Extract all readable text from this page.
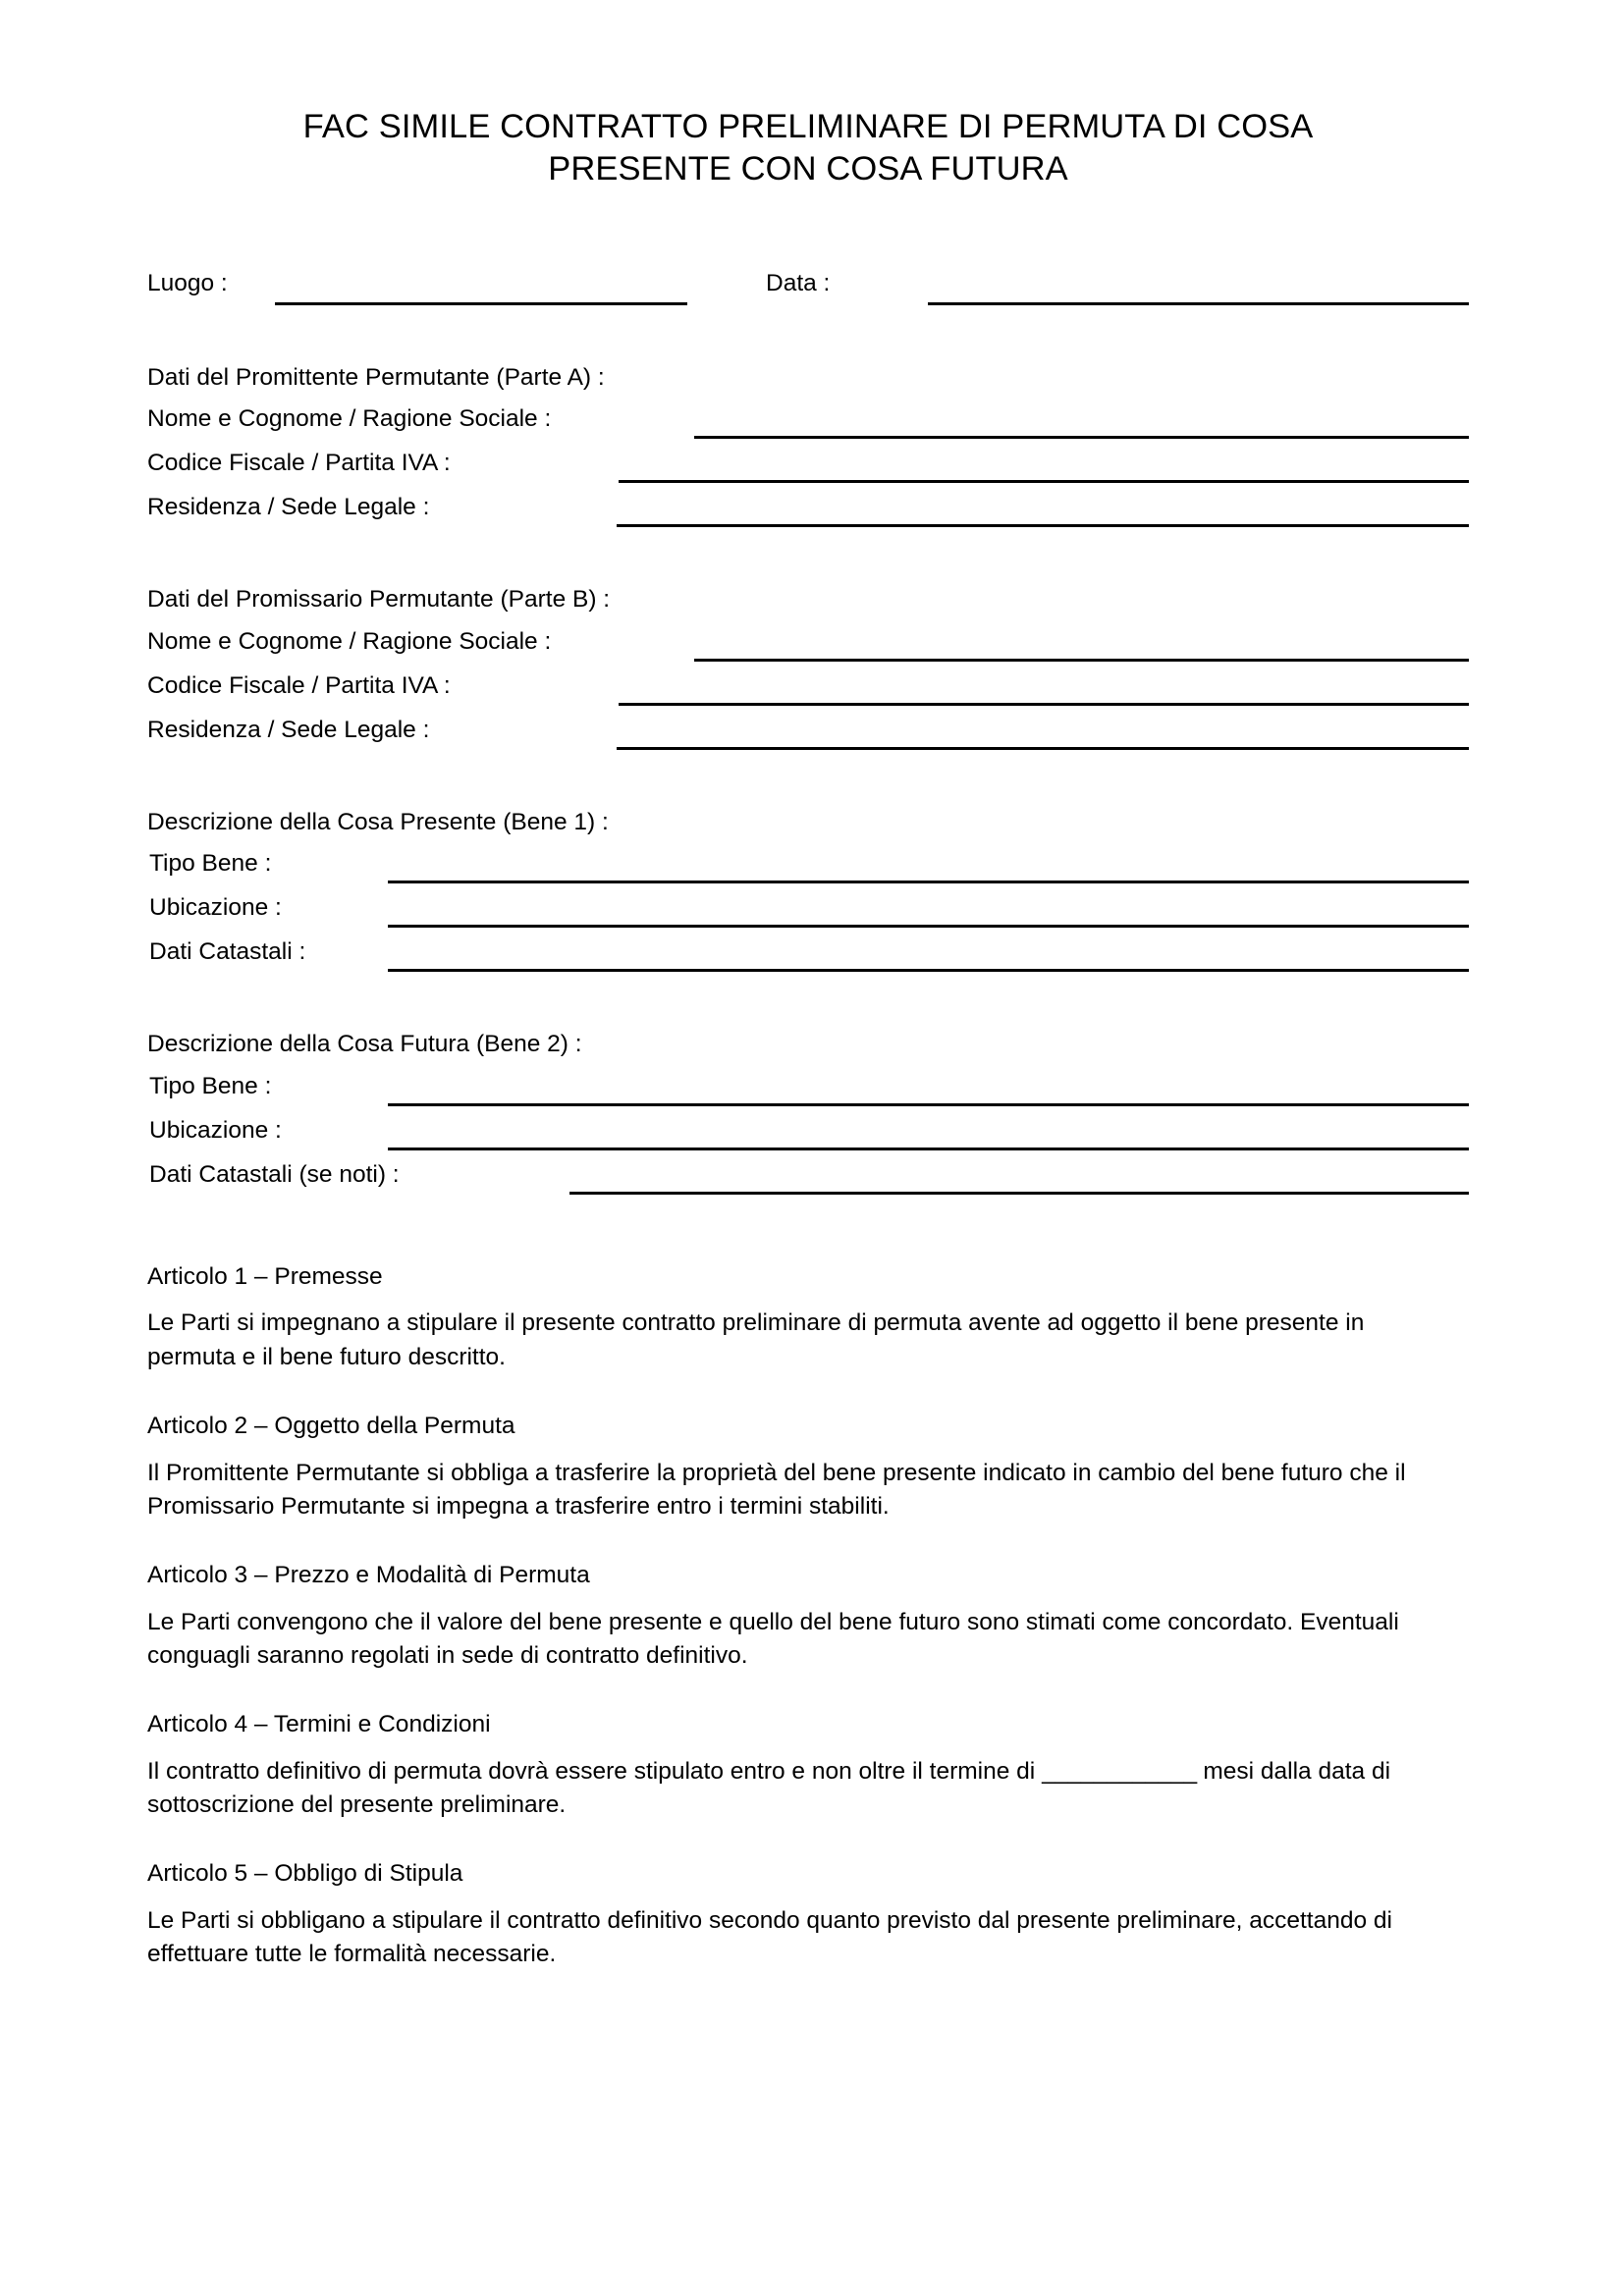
FAC SIMILE CONTRATTO PRELIMINARE DI PERMUTA DI COSA
PRESENTE CON COSA FUTURA
Luogo :	Data :

Dati del Promittente Permutante (Parte A) :

Nome e Cognome / Ragione Sociale :
Codice Fiscale / Partita IVA :
Residenza / Sede Legale :

Dati del Promissario Permutante (Parte B) :

Nome e Cognome / Ragione Sociale :
Codice Fiscale / Partita IVA :
Residenza / Sede Legale :

Descrizione della Cosa Presente (Bene 1) :

Tipo Bene :
Ubicazione :
Dati Catastali :

Descrizione della Cosa Futura (Bene 2) :

Tipo Bene :
Ubicazione :
Dati Catastali (se noti) :

Articolo 1 – Premesse

Le Parti si impegnano a stipulare il presente contratto preliminare di permuta avente ad oggetto il bene presente in permuta e il bene futuro descritto.

Articolo 2 – Oggetto della Permuta

Il Promittente Permutante si obbliga a trasferire la proprietà del bene presente indicato in cambio del bene futuro che il Promissario Permutante si impegna a trasferire entro i termini stabiliti.

Articolo 3 – Prezzo e Modalità di Permuta

Le Parti convengono che il valore del bene presente e quello del bene futuro sono stimati come concordato. Eventuali conguagli saranno regolati in sede di contratto definitivo.

Articolo 4 – Termini e Condizioni

Il contratto definitivo di permuta dovrà essere stipulato entro e non oltre il termine di ____________ mesi dalla data di sottoscrizione del presente preliminare.

Articolo 5 – Obbligo di Stipula

Le Parti si obbligano a stipulare il contratto definitivo secondo quanto previsto dal presente preliminare, accettando di effettuare tutte le formalità necessarie.
